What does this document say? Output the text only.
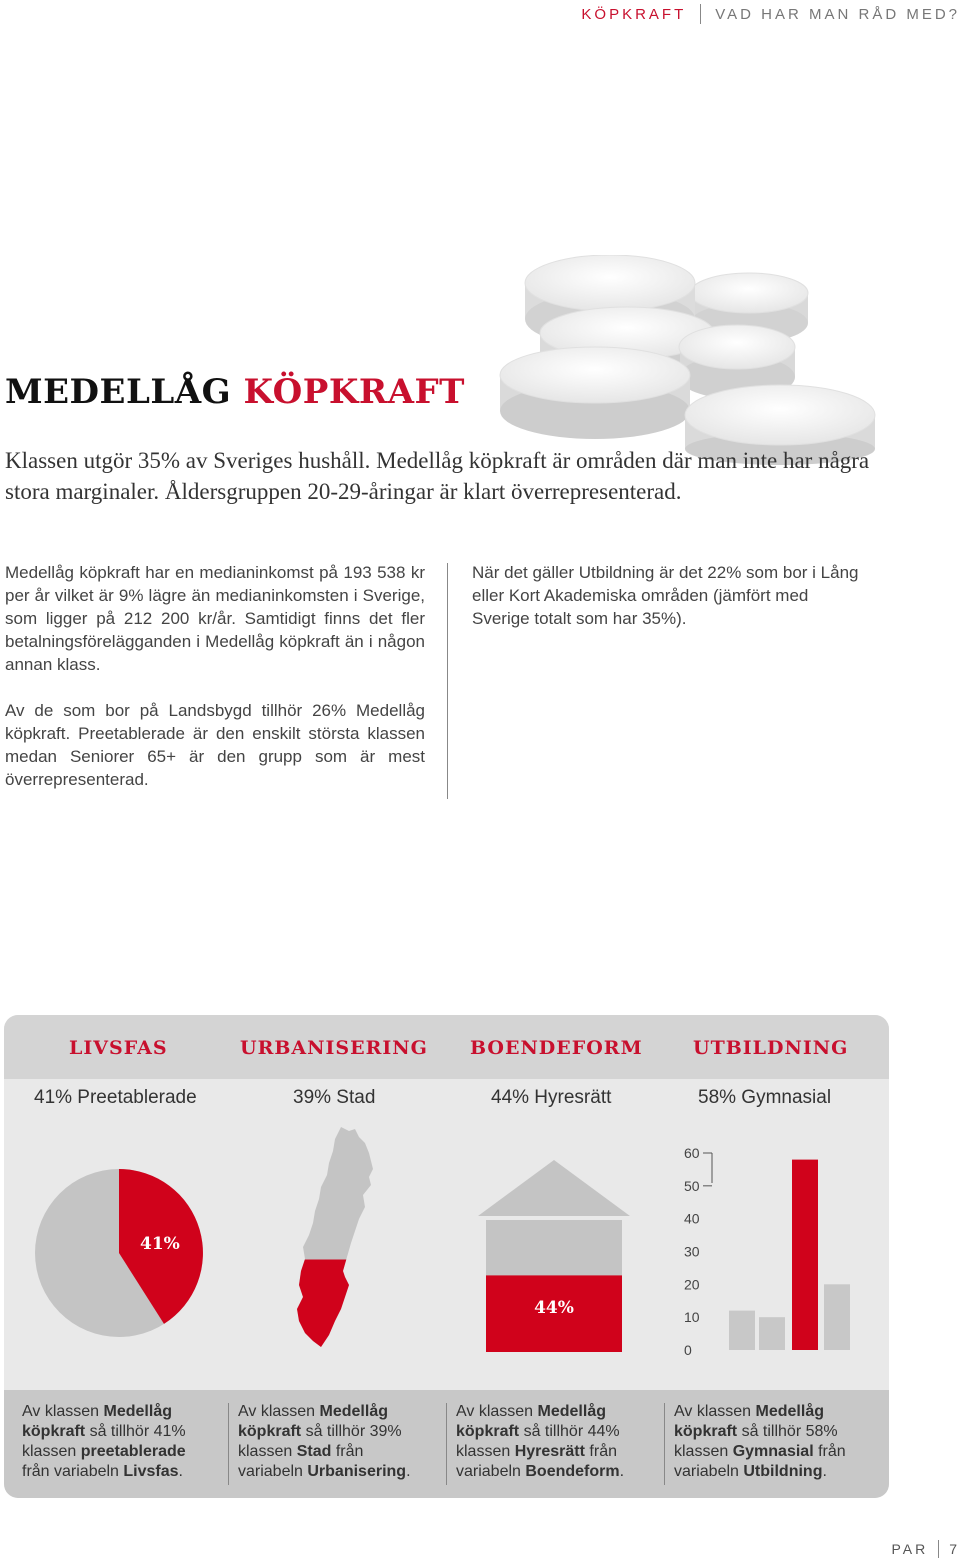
KÖPKRAFT VAD HAR MAN RÅD MED?
MEDELLÅG KÖPKRAFT

Klassen utgör 35% av Sveriges hushåll. Medellåg köpkraft är områden där man inte har några stora marginaler. Åldersgruppen 20-29-åringar är klart överrepresenterad.

Medellåg köpkraft har en medianinkomst på 193 538 kr per år vilket är 9% lägre än medianinkomsten i Sverige, som ligger på 212 200 kr/år. Samtidigt finns det fler betalningsförelägganden i Medellåg köpkraft än i någon annan klass.

Av de som bor på Landsbygd tillhör 26% Medellåg köpkraft. Preetablerade är den enskilt största klassen medan Seniorer 65+ är den grupp som är mest överrepresenterad.

När det gäller Utbildning är det 22% som bor i Lång eller Kort Akademiska områden (jämfört med Sverige totalt som har 35%).

LIVSFAS	URBANISERING BOENDEFORM	UTBILDNING
41% Preetablerade	39% Stad	44% Hyresrätt	58% Gymnasial
41%
44%
0
10
20
30
40
50
60
Av klassen Medellåg köpkraft så tillhör 41% klassen preetablerade från variabeln Livsfas.
Av klassen Medellåg köpkraft så tillhör 39% klassen Stad från variabeln Urbanisering.
Av klassen Medellåg köpkraft så tillhör 44% klassen Hyresrätt från variabeln Boendeform.
Av klassen Medellåg köpkraft så tillhör 58% klassen Gymnasial från variabeln Utbildning.
PAR 7
